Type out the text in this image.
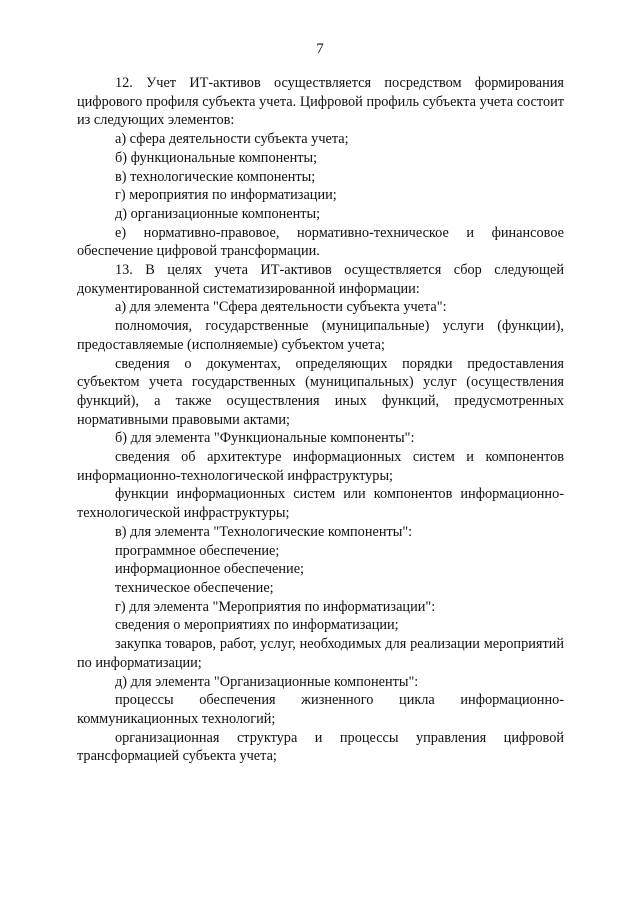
7

12. Учет ИТ-активов осуществляется посредством формирования цифрового профиля субъекта учета. Цифровой профиль субъекта учета состоит из следующих элементов:

а) сфера деятельности субъекта учета;

б) функциональные компоненты;

в) технологические компоненты;

г) мероприятия по информатизации;

д) организационные компоненты;

е) нормативно-правовое, нормативно-техническое и финансовое обеспечение цифровой трансформации.

13. В целях учета ИТ-активов осуществляется сбор следующей документированной систематизированной информации:

а) для элемента "Сфера деятельности субъекта учета":

полномочия, государственные (муниципальные) услуги (функции), предоставляемые (исполняемые) субъектом учета;

сведения о документах, определяющих порядки предоставления субъектом учета государственных (муниципальных) услуг (осуществления функций), а также осуществления иных функций, предусмотренных нормативными правовыми актами;

б) для элемента "Функциональные компоненты":

сведения об архитектуре информационных систем и компонентов информационно-технологической инфраструктуры;

функции информационных систем или компонентов информационно-технологической инфраструктуры;

в) для элемента "Технологические компоненты":

программное обеспечение;

информационное обеспечение;

техническое обеспечение;

г) для элемента "Мероприятия по информатизации":

сведения о мероприятиях по информатизации;

закупка товаров, работ, услуг, необходимых для реализации мероприятий по информатизации;

д) для элемента "Организационные компоненты":

процессы обеспечения жизненного цикла информационно-коммуникационных технологий;

организационная структура и процессы управления цифровой трансформацией субъекта учета;
